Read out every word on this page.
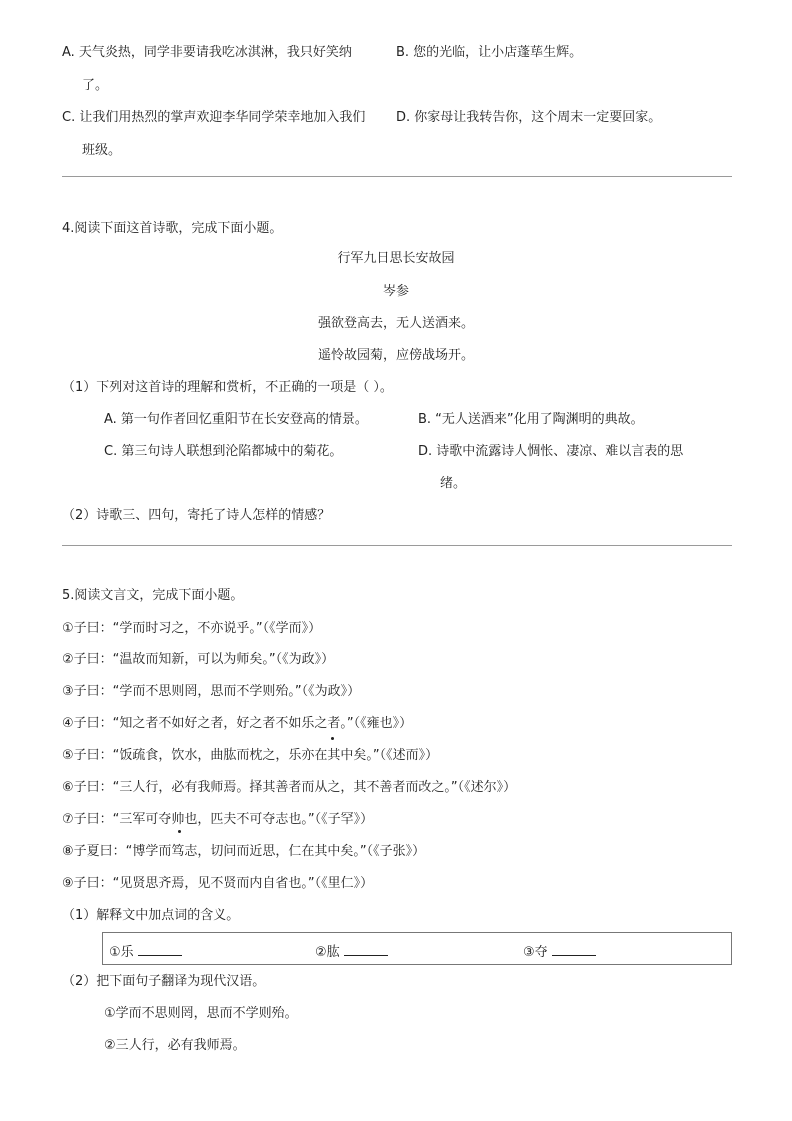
A. 天气炎热，同学非要请我吃冰淇淋，我只好笑纳	B. 您的光临，让小店蓬荜生辉。
了。
C. 让我们用热烈的掌声欢迎李华同学荣幸地加入我们 D. 你家母让我转告你，这个周末一定要回家。
班级。
4.阅读下面这首诗歌，完成下面小题。
行军九日思长安故园
岑参
强欲登高去，无人送酒来。
遥怜故园菊，应傍战场开。
（1）下列对这首诗的理解和赏析，不正确的一项是（ ）。
A. 第一句作者回忆重阳节在长安登高的情景。	B. “无人送酒来”化用了陶渊明的典故。
C. 第三句诗人联想到沦陷都城中的菊花。	D. 诗歌中流露诗人惆怅、凄凉、难以言表的思
绪。
（2）诗歌三、四句，寄托了诗人怎样的情感？
5.阅读文言文，完成下面小题。
①子曰：“学而时习之，不亦说乎。”（《学而》）
②子曰：“温故而知新，可以为师矣。”（《为政》）
③子曰：“学而不思则罔，思而不学则殆。”（《为政》）
④子曰：“知之者不如好之者，好之者不如乐之者。”（《雍也》）
⑤子曰：“饭疏食，饮水，曲肱而枕之，乐亦在其中矣。”（《述而》）
⑥子曰：“三人行，必有我师焉。择其善者而从之，其不善者而改之。”（《述尔》）
⑦子曰：“三军可夺帅也，匹夫不可夺志也。”（《子罕》）
⑧子夏曰：“博学而笃志，切问而近思，仁在其中矣。”（《子张》）
⑨子曰：“见贤思齐焉，见不贤而内自省也。”（《里仁》）
（1）解释文中加点词的含义。
①乐	②肱	③夺
（2）把下面句子翻译为现代汉语。
①学而不思则罔，思而不学则殆。
②三人行，必有我师焉。
